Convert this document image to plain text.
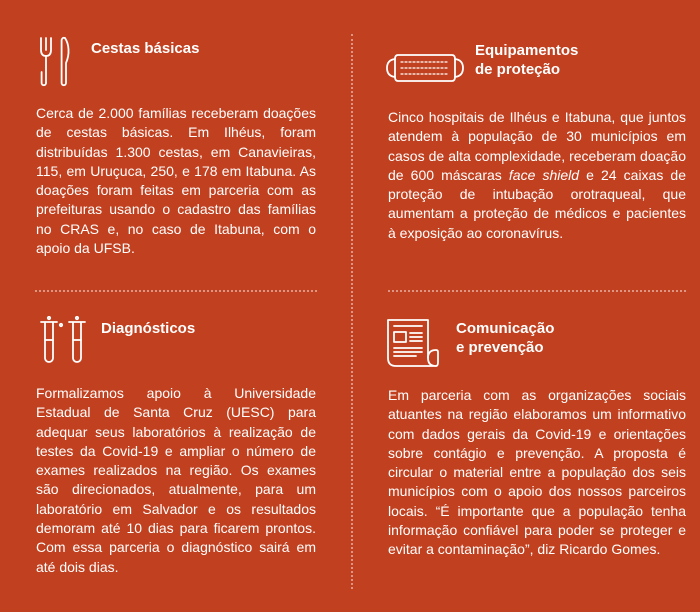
Cestas básicas

Cerca de 2.000 famílias receberam doações de cestas básicas. Em Ilhéus, foram distribuídas 1.300 cestas, em Canavieiras, 115, em Uruçuca, 250, e 178 em Itabuna. As doações foram feitas em parceria com as prefeituras usando o cadastro das famílias no CRAS e, no caso de Itabuna, com o apoio da UFSB.

Equipamentos
de proteção

Cinco hospitais de Ilhéus e Itabuna, que juntos atendem à população de 30 municípios em casos de alta complexidade, receberam doação de 600 máscaras face shield e 24 caixas de proteção de intubação orotraqueal, que aumentam a proteção de médicos e pacientes à exposição ao coronavírus.

Diagnósticos

Formalizamos apoio à Universidade Estadual de Santa Cruz (UESC) para adequar seus laboratórios à realização de testes da Covid-19 e ampliar o número de exames realizados na região. Os exames são direcionados, atualmente, para um laboratório em Salvador e os resultados demoram até 10 dias para ficarem prontos. Com essa parceria o diagnóstico sairá em até dois dias.

Comunicação
e prevenção

Em parceria com as organizações sociais atuantes na região elaboramos um informativo com dados gerais da Covid-19 e orientações sobre contágio e prevenção. A proposta é circular o material entre a população dos seis municípios com o apoio dos nossos parceiros locais. “É importante que a população tenha informação confiável para poder se proteger e evitar a contaminação”, diz Ricardo Gomes.
